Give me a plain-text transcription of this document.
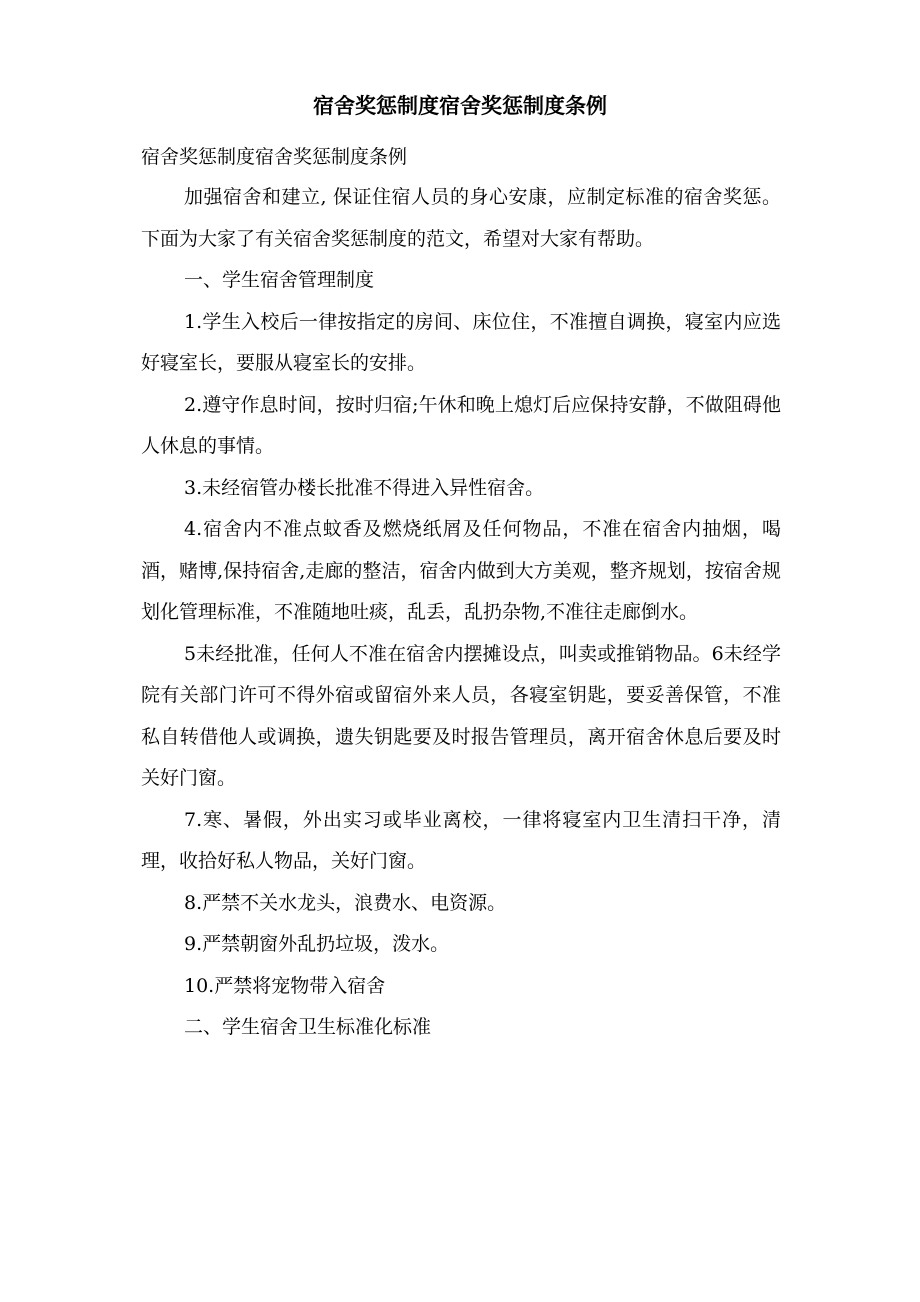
宿舍奖惩制度宿舍奖惩制度条例
宿舍奖惩制度宿舍奖惩制度条例

加强宿舍和建立, 保证住宿人员的身心安康，应制定标准的宿舍奖惩。下面为大家了有关宿舍奖惩制度的范文，希望对大家有帮助。

一、学生宿舍管理制度

1.学生入校后一律按指定的房间、床位住，不准擅自调换，寝室内应选好寝室长，要服从寝室长的安排。

2.遵守作息时间，按时归宿;午休和晚上熄灯后应保持安静，不做阻碍他人休息的事情。

3.未经宿管办楼长批准不得进入异性宿舍。

4.宿舍内不准点蚊香及燃烧纸屑及任何物品，不准在宿舍内抽烟，喝酒，赌博,保持宿舍,走廊的整洁，宿舍内做到大方美观，整齐规划，按宿舍规划化管理标准，不准随地吐痰，乱丢，乱扔杂物,不准往走廊倒水。

5未经批准，任何人不准在宿舍内摆摊设点，叫卖或推销物品。6未经学院有关部门许可不得外宿或留宿外来人员，各寝室钥匙，要妥善保管，不准私自转借他人或调换，遗失钥匙要及时报告管理员，离开宿舍休息后要及时关好门窗。

7.寒、暑假，外出实习或毕业离校，一律将寝室内卫生清扫干净，清理，收拾好私人物品，关好门窗。

8.严禁不关水龙头，浪费水、电资源。

9.严禁朝窗外乱扔垃圾，泼水。

10.严禁将宠物带入宿舍

二、学生宿舍卫生标准化标准
